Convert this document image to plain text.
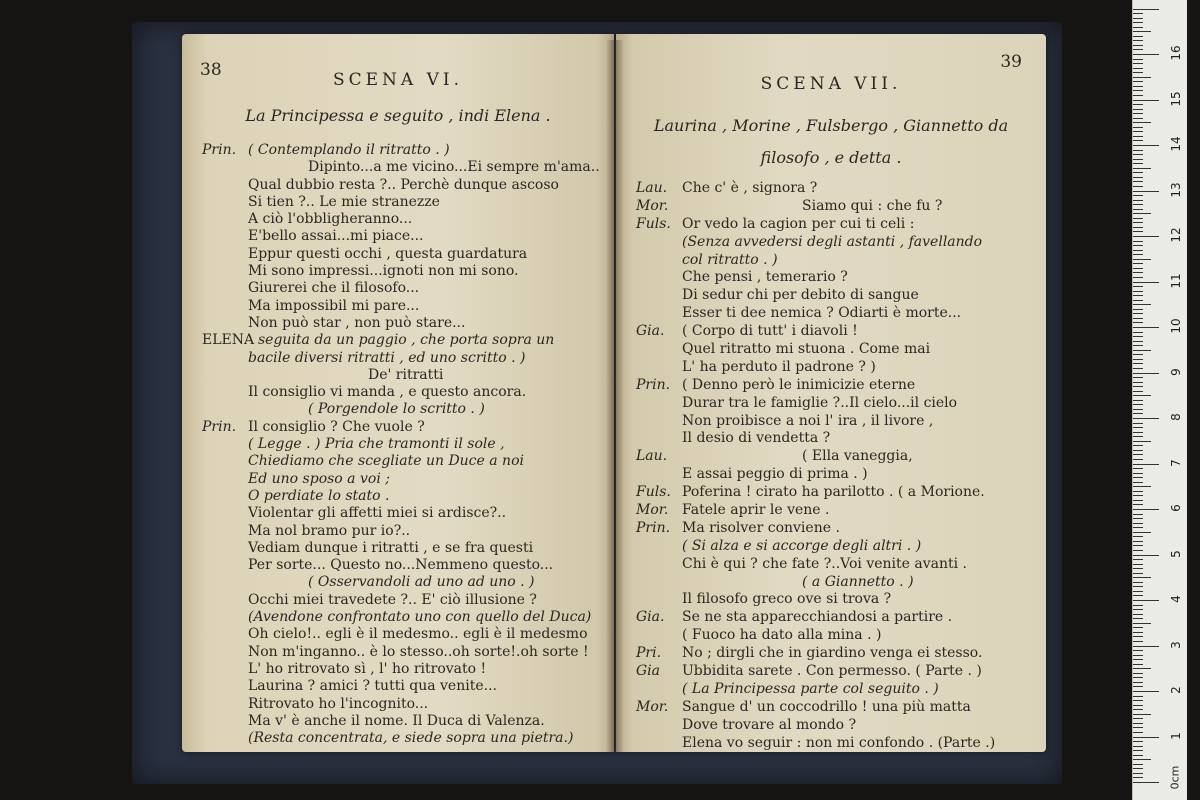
38	SCENA VI.
La Principessa e seguito , indi Elena .
Prin. ( Contemplando il ritratto . )
Dipinto...a me vicino...Ei sempre m'ama..
Qual dubbio resta ?.. Perchè dunque ascoso
Si tien ?.. Le mie stranezze
A ciò l'obbligheranno...
E'bello assai...mi piace...
Eppur questi occhi , questa guardatura
Mi sono impressi...ignoti non mi sono.
Giurerei che il filosofo...
Ma impossibil mi pare...
Non può star , non può stare...
ELENA seguita da un paggio , che porta sopra un
bacile diversi ritratti , ed uno scritto . )
De' ritratti
Il consiglio vi manda , e questo ancora.
( Porgendole lo scritto . )
Prin. Il consiglio ? Che vuole ?
( Legge . ) Pria che tramonti il sole ,
Chiediamo che scegliate un Duce a noi
Ed uno sposo a voi ;
O perdiate lo stato .
Violentar gli affetti miei si ardisce?..
Ma nol bramo pur io?..
Vediam dunque i ritratti , e se fra questi
Per sorte... Questo no...Nemmeno questo...
( Osservandoli ad uno ad uno . )
Occhi miei travedete ?.. E' ciò illusione ?
(Avendone confrontato uno con quello del Duca)
Oh cielo!.. egli è il medesmo.. egli è il medesmo
Non m'inganno.. è lo stesso..oh sorte!.oh sorte !
L' ho ritrovato sì , l' ho ritrovato !
Laurina ? amici ? tutti qua venite...
Ritrovato ho l'incognito...
Ma v' è anche il nome. Il Duca di Valenza.
(Resta concentrata, e siede sopra una pietra.)
39
SCENA VII.
Laurina , Morine , Fulsbergo , Giannetto da
filosofo , e detta .
Lau. Che c' è , signora ?
Mor.	Siamo qui : che fu ?
Fuls. Or vedo la cagion per cui ti celi :
(Senza avvedersi degli astanti , favellando
col ritratto . )
Che pensi , temerario ?
Di sedur chi per debito di sangue
Esser ti dee nemica ? Odiarti è morte...
Gia. ( Corpo di tutt' i diavoli !
Quel ritratto mi stuona . Come mai
L' ha perduto il padrone ? )
Prin. ( Denno però le inimicizie eterne
Durar tra le famiglie ?..Il cielo...il cielo
Non proibisce a noi l' ira , il livore ,
Il desio di vendetta ?
Lau.	( Ella vaneggia,
E assai peggio di prima . )
Fuls. Poferina ! cirato ha parilotto . ( a Morione.
Mor. Fatele aprir le vene .
Prin. Ma risolver conviene .
( Si alza e si accorge degli altri . )
Chi è qui ? che fate ?..Voi venite avanti .
( a Giannetto . )
Il filosofo greco ove si trova ?
Gia. Se ne sta apparecchiandosi a partire .
( Fuoco ha dato alla mina . )
Pri. No ; dirgli che in giardino venga ei stesso.
Gia Ubbidita sarete . Con permesso. ( Parte . )
( La Principessa parte col seguito . )
Mor. Sangue d' un coccodrillo ! una più matta
Dove trovare al mondo ?
Elena vo seguir : non mi confondo . (Parte .)
0cm
1
2
3
4
5
6
7
8
9
10
11
12
13
14
15
16
